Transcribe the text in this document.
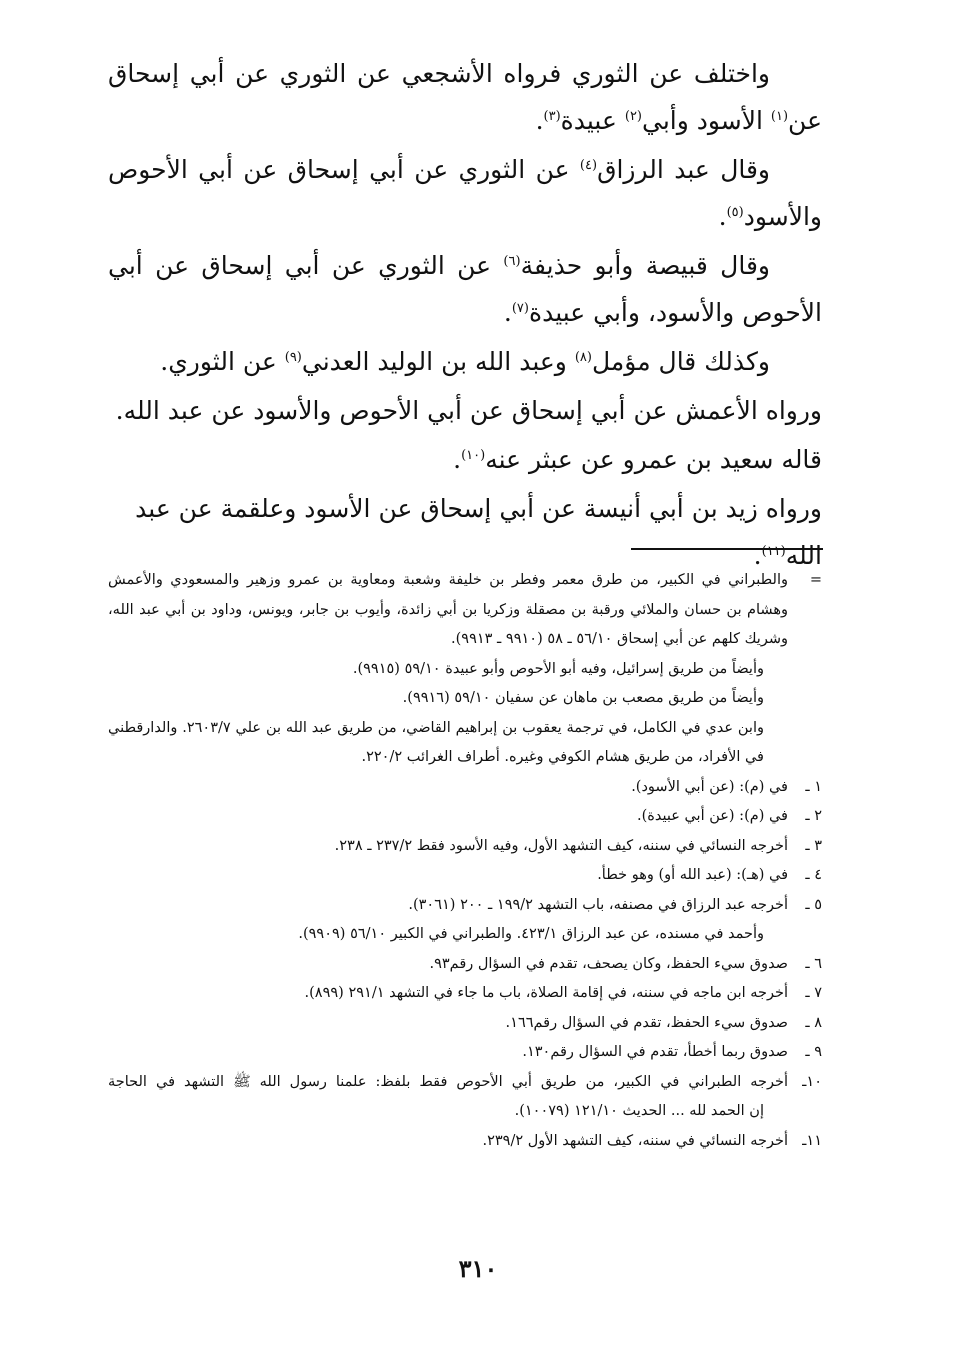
واختلف عن الثوري فرواه الأشجعي عن الثوري عن أبي إسحاق عن$^{(١)}$ الأسود وأبي$^{(٢)}$ عبيدة$^{(٣)}$.

وقال عبد الرزاق$^{(٤)}$ عن الثوري عن أبي إسحاق عن أبي الأحوص والأسود$^{(٥)}$.

وقال قبيصة وأبو حذيفة$^{(٦)}$ عن الثوري عن أبي إسحاق عن أبي الأحوص والأسود، وأبي عبيدة$^{(٧)}$.

وكذلك قال مؤمل$^{(٨)}$ وعبد الله بن الوليد العدني$^{(٩)}$ عن الثوري.

ورواه الأعمش عن أبي إسحاق عن أبي الأحوص والأسود عن عبد الله.

قاله سعيد بن عمرو عن عبثر عنه$^{(١٠)}$.

ورواه زيد بن أبي أنيسة عن أبي إسحاق عن الأسود وعلقمة عن عبد الله$^{(١١)}$.

=
والطبراني في الكبير، من طرق معمر وفطر بن خليفة وشعبة ومعاوية بن عمرو وزهير والمسعودي والأعمش وهشام بن حسان والملائي ورقبة بن مصقلة وزكريا بن أبي زائدة، وأيوب بن جابر، ويونس، وداود بن أبي عبد الله، وشريك كلهم عن أبي إسحاق ٥٦/١٠ ـ ٥٨ (٩٩١٠ ـ ٩٩١٣).

وأيضاً من طريق إسرائيل، وفيه أبو الأحوص وأبو عبيدة ٥٩/١٠ (٩٩١٥).

وأيضاً من طريق مصعب بن ماهان عن سفيان ٥٩/١٠ (٩٩١٦).

وابن عدي في الكامل، في ترجمة يعقوب بن إبراهيم القاضي، من طريق عبد الله بن علي ٢٦٠٣/٧. والدارقطني في الأفراد، من طريق هشام الكوفي وغيره. أطراف الغرائب ٢٢٠/٢.

١ ـ
في (م): (عن أبي الأسود).

٢ ـ
في (م): (عن أبي عبيدة).

٣ ـ
أخرجه النسائي في سننه، كيف التشهد الأول، وفيه الأسود فقط ٢٣٧/٢ ـ ٢٣٨.

٤ ـ
في (هـ): (عبد الله أو) وهو خطأ.

٥ ـ
أخرجه عبد الرزاق في مصنفه، باب التشهد ١٩٩/٢ ـ ٢٠٠ (٣٠٦١).

وأحمد في مسنده، عن عبد الرزاق ٤٢٣/١. والطبراني في الكبير ٥٦/١٠ (٩٩٠٩).

٦ ـ
صدوق سيء الحفظ، وكان يصحف، تقدم في السؤال رقم٩٣.

٧ ـ
أخرجه ابن ماجه في سننه، في إقامة الصلاة، باب ما جاء في التشهد ٢٩١/١ (٨٩٩).

٨ ـ
صدوق سيء الحفظ، تقدم في السؤال رقم١٦٦.

٩ ـ
صدوق ربما أخطأ، تقدم في السؤال رقم١٣٠.

١٠ـ
أخرجه الطبراني في الكبير، من طريق أبي الأحوص فقط بلفظ: علمنا رسول الله ﷺ التشهد في الحاجة

إن الحمد لله ... الحديث ١٢١/١٠ (١٠٠٧٩).

١١ـ
أخرجه النسائي في سننه، كيف التشهد الأول ٢٣٩/٢.

٣١٠
